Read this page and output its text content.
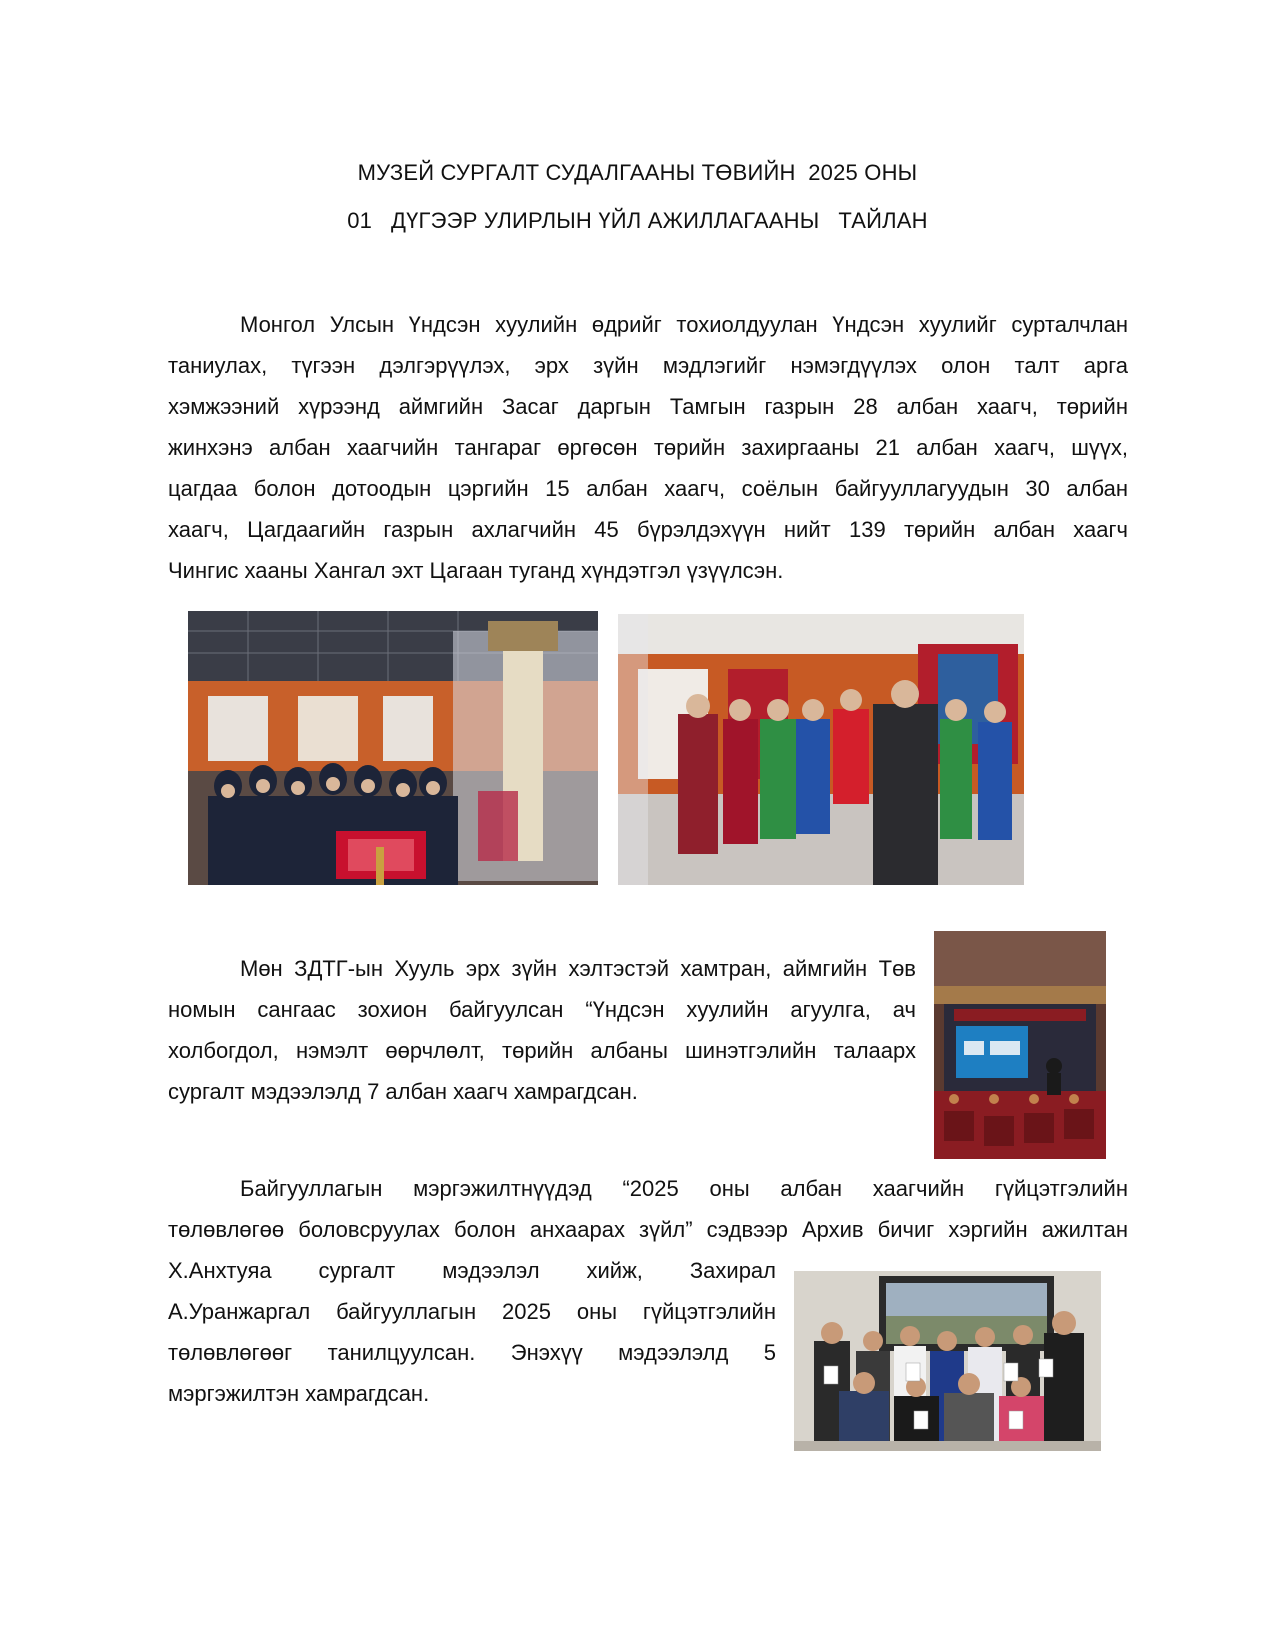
МУЗЕЙ СУРГАЛТ СУДАЛГААНЫ ТӨВИЙН  2025 ОНЫ
01   ДҮГЭЭР УЛИРЛЫН ҮЙЛ АЖИЛЛАГААНЫ   ТАЙЛАН
Монгол Улсын Үндсэн хуулийн өдрийг тохиолдуулан Үндсэн хуулийг сурталчлан
таниулах, түгээн дэлгэрүүлэх, эрх зүйн мэдлэгийг нэмэгдүүлэх олон талт арга
хэмжээний хүрээнд аймгийн Засаг даргын Тамгын газрын 28 албан хаагч, төрийн
жинхэнэ албан хаагчийн тангараг өргөсөн төрийн захиргааны 21 албан хаагч, шүүх,
цагдаа болон дотоодын цэргийн 15 албан хаагч, соёлын байгууллагуудын 30 албан
хаагч, Цагдаагийн газрын ахлагчийн 45 бүрэлдэхүүн нийт 139 төрийн албан хаагч
Чингис хааны Хангал эхт Цагаан туганд хүндэтгэл үзүүлсэн.
Мөн ЗДТГ-ын Хууль эрх зүйн хэлтэстэй хамтран, аймгийн Төв
номын сангаас зохион байгуулсан “Үндсэн хуулийн агуулга, ач
холбогдол, нэмэлт өөрчлөлт, төрийн албаны шинэтгэлийн талаарх
сургалт мэдээлэлд 7 албан хаагч хамрагдсан.
Байгууллагын мэргэжилтнүүдэд “2025 оны албан хаагчийн гүйцэтгэлийн
төлөвлөгөө боловсруулах болон анхаарах зүйл” сэдвээр Архив бичиг хэргийн ажилтан
Х.Анхтуяа сургалт мэдээлэл хийж, Захирал
А.Уранжаргал байгууллагын 2025 оны гүйцэтгэлийн
төлөвлөгөөг танилцуулсан. Энэхүү мэдээлэлд 5
мэргэжилтэн хамрагдсан.
